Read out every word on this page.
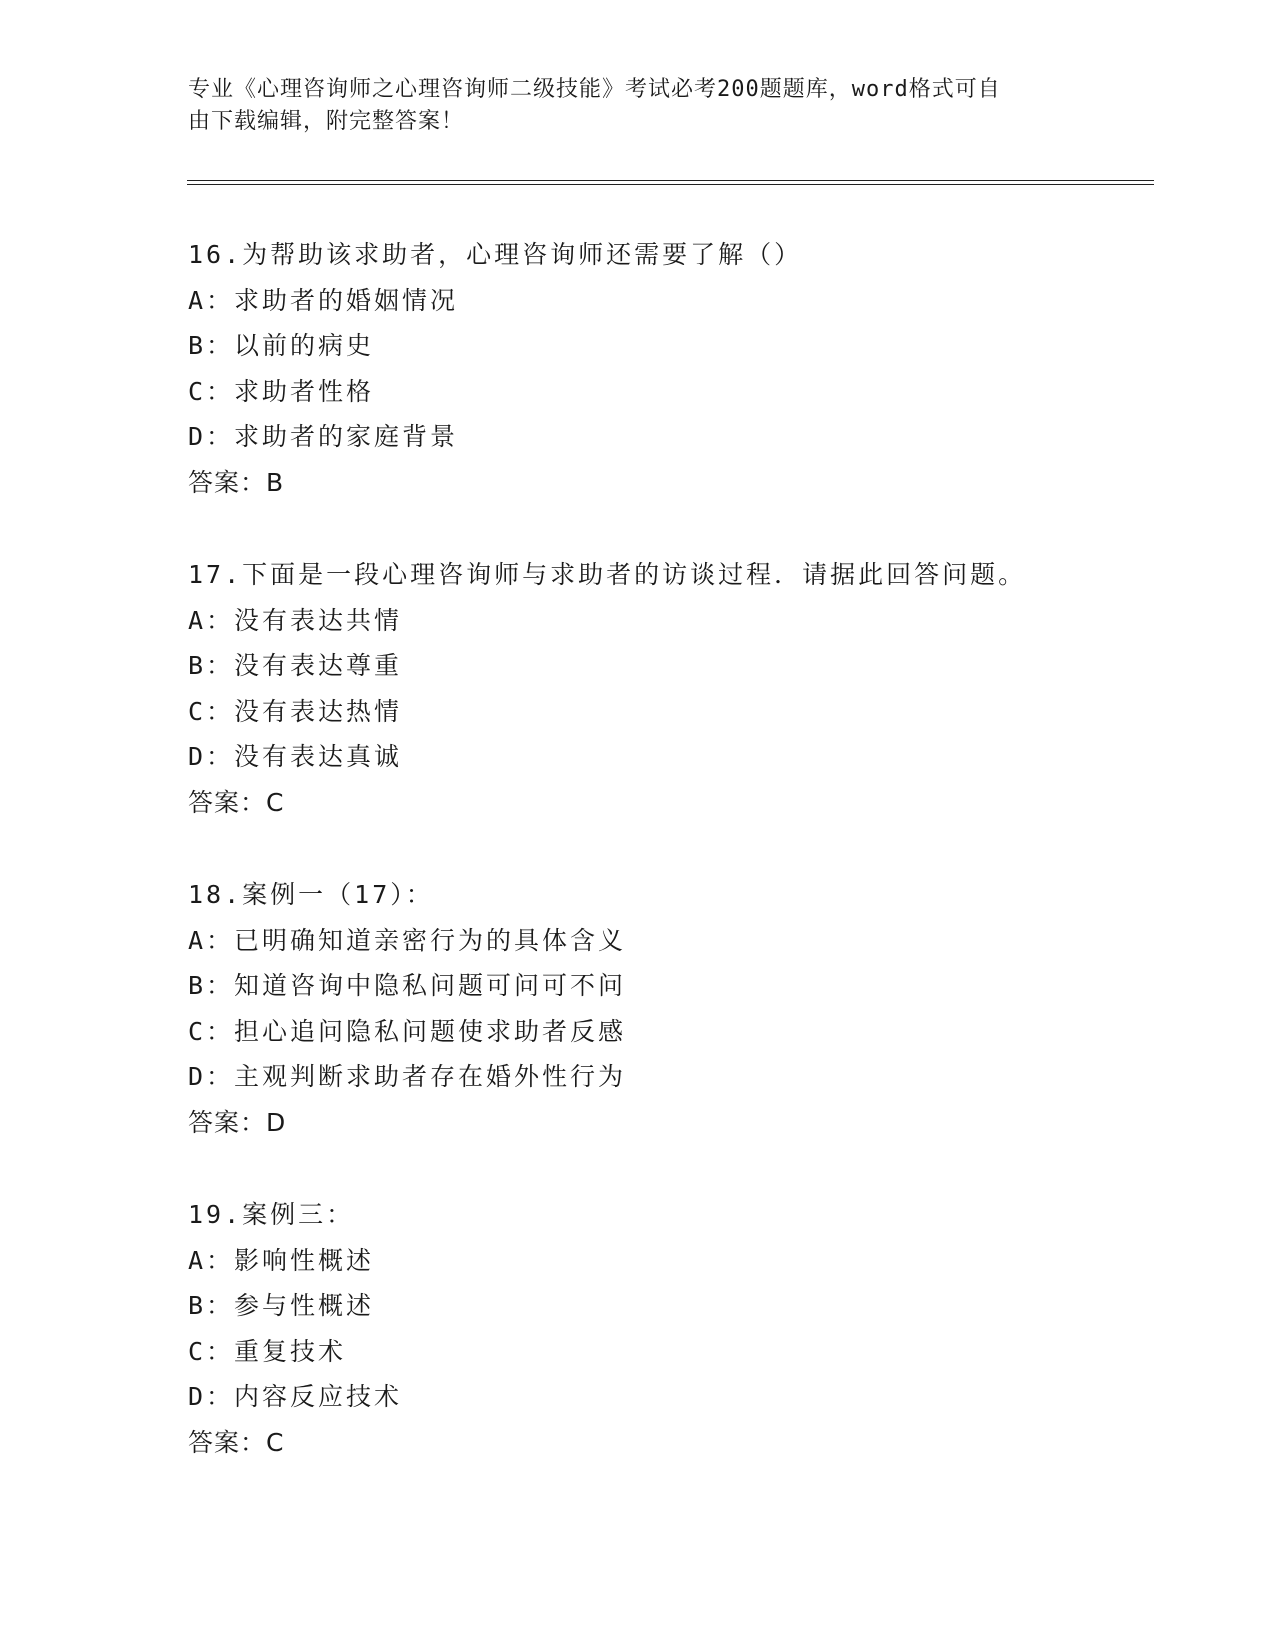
专业《心理咨询师之心理咨询师二级技能》考试必考200题题库，word格式可自
由下载编辑，附完整答案！
16.为帮助该求助者，心理咨询师还需要了解（）
A：求助者的婚姻情况
B：以前的病史
C：求助者性格
D：求助者的家庭背景
答案：B
17.下面是一段心理咨询师与求助者的访谈过程．请据此回答问题。
A：没有表达共情
B：没有表达尊重
C：没有表达热情
D：没有表达真诚
答案：C
18.案例一（17）：
A：已明确知道亲密行为的具体含义
B：知道咨询中隐私问题可问可不问
C：担心追问隐私问题使求助者反感
D：主观判断求助者存在婚外性行为
答案：D
19.案例三：
A：影响性概述
B：参与性概述
C：重复技术
D：内容反应技术
答案：C
